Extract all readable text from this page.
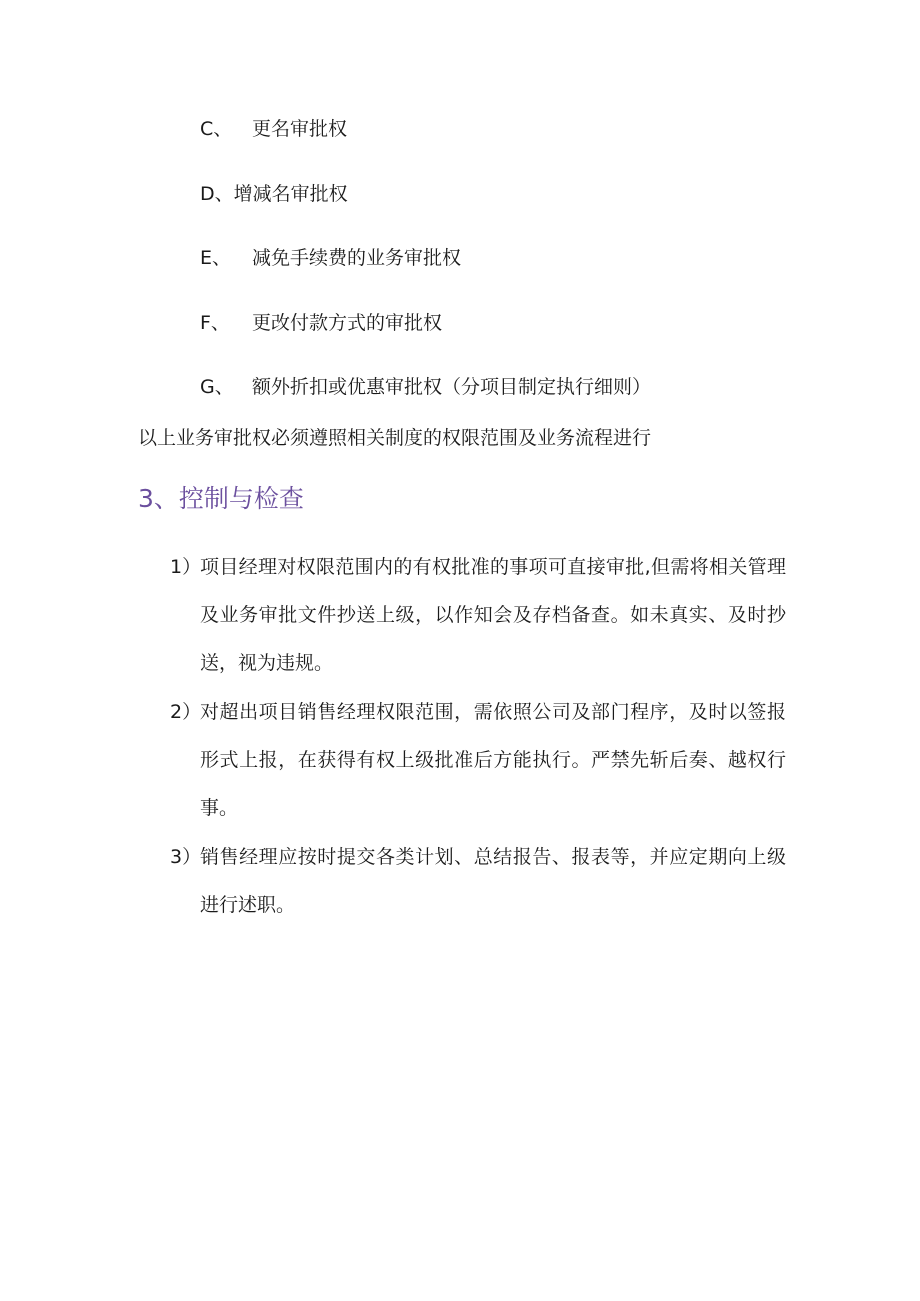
C、 更名审批权
D、增减名审批权
E、 减免手续费的业务审批权
F、 更改付款方式的审批权
G、 额外折扣或优惠审批权（分项目制定执行细则）
以上业务审批权必须遵照相关制度的权限范围及业务流程进行
3、控制与检查
1）
项目经理对权限范围内的有权批准的事项可直接审批,但需将相关管理及业务审批文件抄送上级，以作知会及存档备查。如未真实、及时抄送，视为违规。
2）
对超出项目销售经理权限范围，需依照公司及部门程序，及时以签报形式上报，在获得有权上级批准后方能执行。严禁先斩后奏、越权行事。
3）
销售经理应按时提交各类计划、总结报告、报表等，并应定期向上级进行述职。
